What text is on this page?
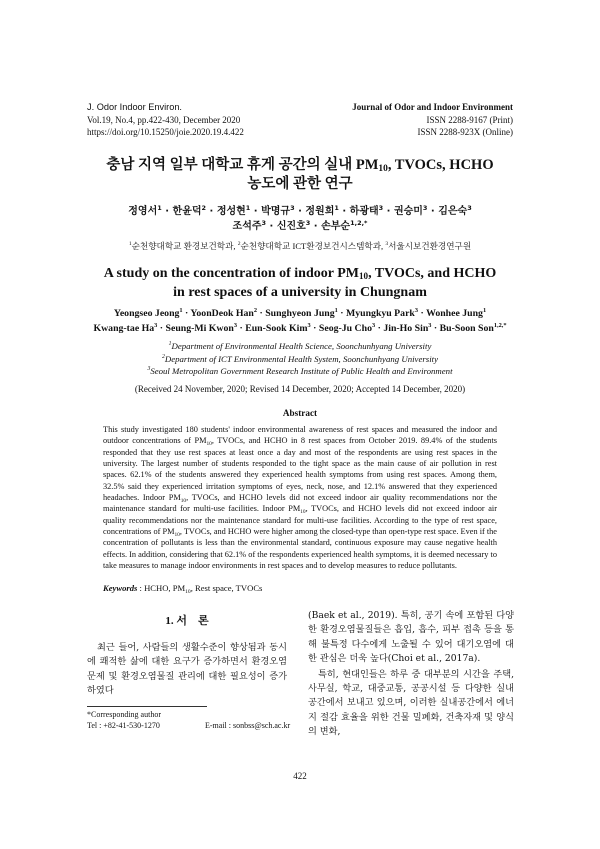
J. Odor Indoor Environ.
Vol.19, No.4, pp.422-430, December 2020
https://doi.org/10.15250/joie.2020.19.4.422
Journal of Odor and Indoor Environment
ISSN 2288-9167 (Print)
ISSN 2288-923X (Online)
충남 지역 일부 대학교 휴게 공간의 실내 $PM_{10}$, TVOCs, HCHO
농도에 관한 연구
정영서$^1$ · 한윤덕$^2$ · 정성현$^1$ · 박명규$^3$ · 정원희$^1$ · 하광태$^3$ · 권승미$^3$ · 김은숙$^3$
조석주$^3$ · 신진호$^3$ · 손부순$^{1,2,*}$
$^1$순천향대학교 환경보건학과, $^2$순천향대학교 ICT환경보건시스템학과, $^3$서울시보건환경연구원
A study on the concentration of indoor $PM_{10}$, TVOCs, and HCHO
in rest spaces of a university in Chungnam
Yeongseo Jeong$^1$ · YoonDeok Han$^2$ · Sunghyeon Jung$^1$ · Myungkyu Park$^3$ · Wonhee Jung$^1$
Kwang-tae $Ha^3$ · Seung-Mi Kwon$^3$ · Eun-Sook Kim$^3$ · Seog-Ju Cho$^3$ · Jin-Ho Sin$^3$ · Bu-Soon Son$^{1,2,*}$
$^1$Department of Environmental Health Science, Soonchunhyang University
$^2$Department of ICT Environmental Health System, Soonchunhyang University
$^3$Seoul Metropolitan Government Research Institute of Public Health and Environment
(Received 24 November, 2020; Revised 14 December, 2020; Accepted 14 December, 2020)
Abstract
This study investigated 180 students' indoor environmental awareness of rest spaces and measured the indoor and outdoor concentrations of $PM_{10}$, TVOCs, and HCHO in 8 rest spaces from October 2019. 89.4% of the students responded that they use rest spaces at least once a day and most of the respondents are using rest spaces in the university. The largest number of students responded to the tight space as the main cause of air pollution in rest spaces. 62.1% of the students answered they experienced health symptoms from using rest spaces. Among them, 32.5% said they experienced irritation symptoms of eyes, neck, nose, and 12.1% answered that they experienced headaches. Indoor $PM_{10}$, TVOCs, and HCHO levels did not exceed indoor air quality recommendations nor the maintenance standard for multi-use facilities. Indoor $PM_{10}$, TVOCs, and HCHO levels did not exceed indoor air quality recommendations nor the maintenance standard for multi-use facilities. According to the type of rest space, concentrations of $PM_{10}$, TVOCs, and HCHO were higher among the closed-type than open-type rest space. Even if the concentration of pollutants is less than the environmental standard, continuous exposure may cause negative health effects. In addition, considering that 62.1% of the respondents experienced health symptoms, it is deemed necessary to take measures to manage indoor environments in rest spaces and to develop measures to reduce pollutants.
Keywords : HCHO, $PM_{10}$, Rest space, TVOCs
1. 서　론
최근 들어, 사람들의 생활수준이 향상됨과 동시에 쾌적한 삶에 대한 요구가 증가하면서 환경오염 문제 및 환경오염물질 관리에 대한 필요성이 증가하였다

(Baek et al., 2019). 특히, 공기 속에 포함된 다양한 환경오염물질들은 흡입, 흡수, 피부 접촉 등을 통해 불특정 다수에게 노출될 수 있어 대기오염에 대한 관심은 더욱 높다(Choi et al., 2017a).

특히, 현대인들은 하루 중 대부분의 시간을 주택, 사무실, 학교, 대중교통, 공공시설 등 다양한 실내 공간에서 보내고 있으며, 이러한 실내공간에서 에너지 절감 효율을 위한 건물 밀폐화, 건축자재 및 양식의 변화,

*Corresponding author
Tel : +82-41-530-1270	E-mail : sonbss@sch.ac.kr
422
